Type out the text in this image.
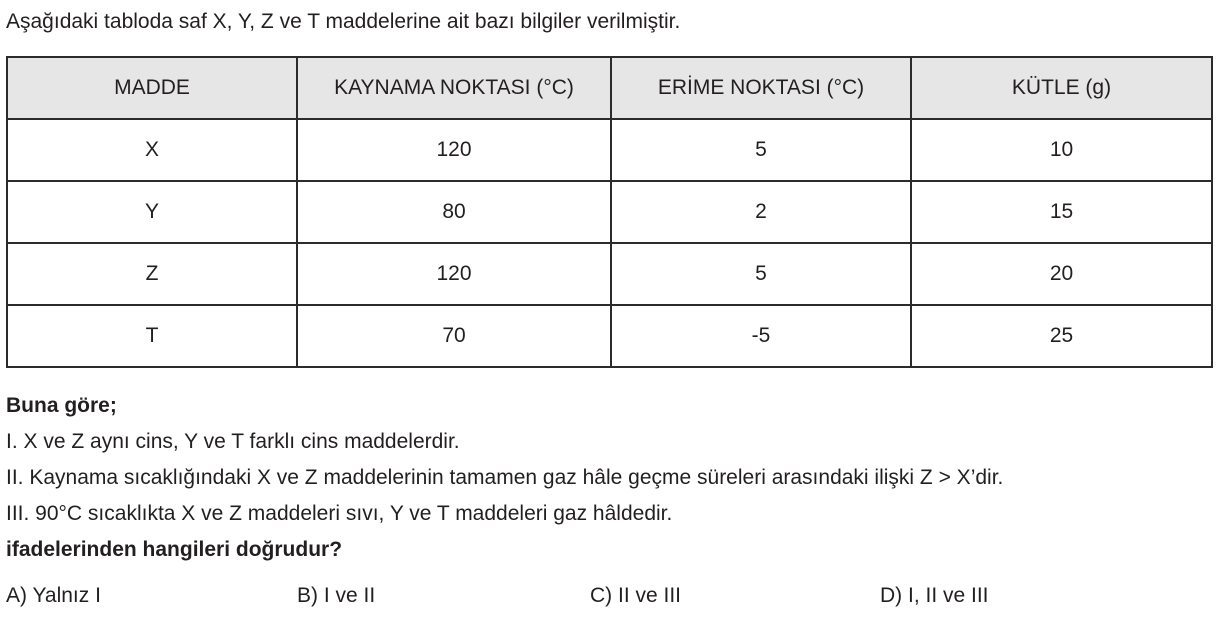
Aşağıdaki tabloda saf X, Y, Z ve T maddelerine ait bazı bilgiler verilmiştir.
MADDE	KAYNAMA NOKTASI (°C)	ERİME NOKTASI (°C)	KÜTLE (g)
X	120	5	10
Y	80	2	15
Z	120	5	20
T	70	-5	25
Buna göre;
I. X ve Z aynı cins, Y ve T farklı cins maddelerdir.
II. Kaynama sıcaklığındaki X ve Z maddelerinin tamamen gaz hâle geçme süreleri arasındaki ilişki Z > X’dir.
III. 90°C sıcaklıkta X ve Z maddeleri sıvı, Y ve T maddeleri gaz hâldedir.
ifadelerinden hangileri doğrudur?
A) Yalnız I	B) I ve II	C) II ve III	D) I, II ve III
